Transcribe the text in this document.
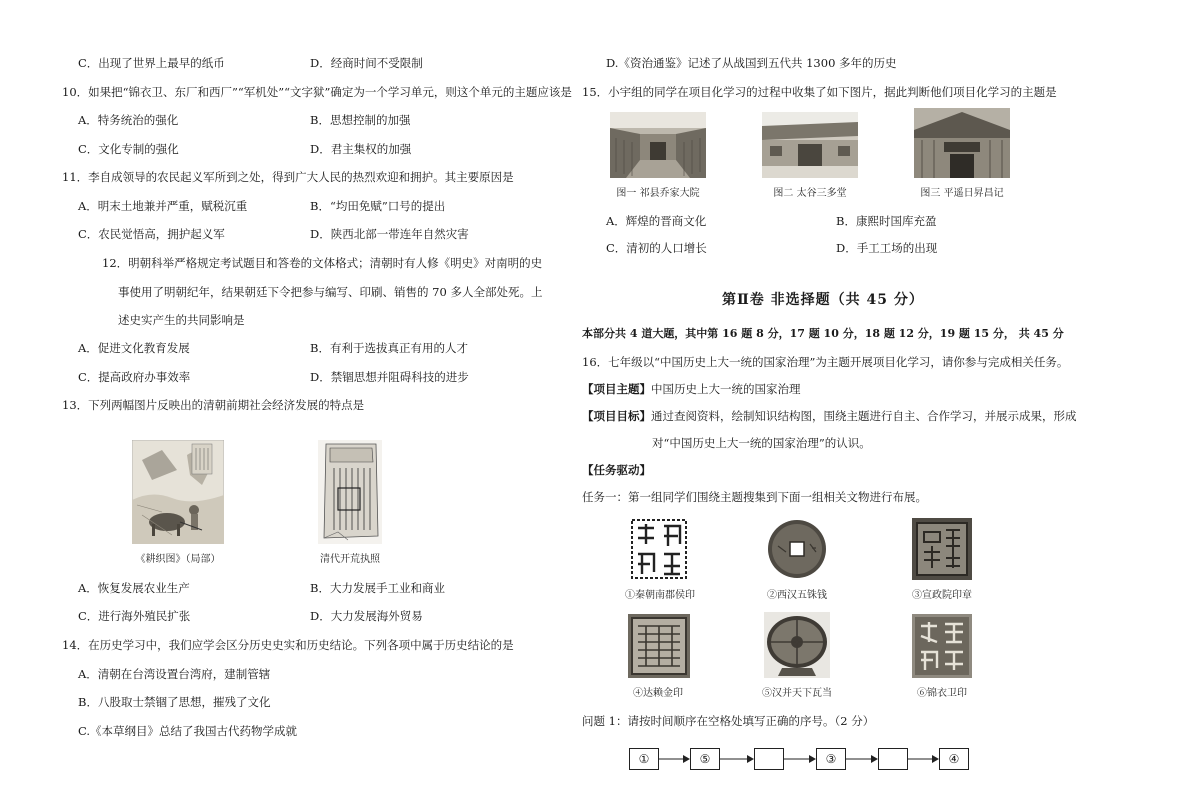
C．出现了世界上最早的纸币	D．经商时间不受限制
10．如果把“锦衣卫、东厂和西厂”“军机处”“文字狱”确定为一个学习单元，则这个单元的主题应该是
A．特务统治的强化	B．思想控制的加强
C．文化专制的强化	D．君主集权的加强
11．李自成领导的农民起义军所到之处，得到广大人民的热烈欢迎和拥护。其主要原因是
A．明末土地兼并严重，赋税沉重	B．“均田免赋”口号的提出
C．农民觉悟高，拥护起义军	D．陕西北部一带连年自然灾害
12．明朝科举严格规定考试题目和答卷的文体格式；清朝时有人修《明史》对南明的史
事使用了明朝纪年，结果朝廷下令把参与编写、印刷、销售的 70 多人全部处死。上
述史实产生的共同影响是
A．促进文化教育发展	B．有利于选拔真正有用的人才
C．提高政府办事效率	D．禁锢思想并阻碍科技的进步
13．下列两幅图片反映出的清朝前期社会经济发展的特点是
《耕织图》（局部）	清代开荒执照
A．恢复发展农业生产	B．大力发展手工业和商业
C．进行海外殖民扩张	D．大力发展海外贸易
14．在历史学习中，我们应学会区分历史史实和历史结论。下列各项中属于历史结论的是
A．清朝在台湾设置台湾府，建制管辖
B．八股取士禁锢了思想，摧残了文化
C.《本草纲目》总结了我国古代药物学成就
D.《资治通鉴》记述了从战国到五代共 1300 多年的历史
15．小宇组的同学在项目化学习的过程中收集了如下图片，据此判断他们项目化学习的主题是
图一 祁县乔家大院	图二 太谷三多堂	图三 平遥日昇昌记
A．辉煌的晋商文化	B．康熙时国库充盈
C．清初的人口增长	D．手工工场的出现
第Ⅱ卷 非选择题（共 45 分）
本部分共 4 道大题，其中第 16 题 8 分，17 题 10 分，18 题 12 分，19 题 15 分， 共 45 分
16．七年级以“中国历史上大一统的国家治理”为主题开展项目化学习，请你参与完成相关任务。
【项目主题】中国历史上大一统的国家治理
【项目目标】通过查阅资料，绘制知识结构图，围绕主题进行自主、合作学习，并展示成果，形成
对“中国历史上大一统的国家治理”的认识。
【任务驱动】
任务一：第一组同学们围绕主题搜集到下面一组相关文物进行布展。
①秦朝南郡侯印	②西汉五铢钱	③宣政院印章
④达赖金印	⑤汉并天下瓦当	⑥锦衣卫印
问题 1：请按时间顺序在空格处填写正确的序号。（2 分）
①	⑤	③	④
